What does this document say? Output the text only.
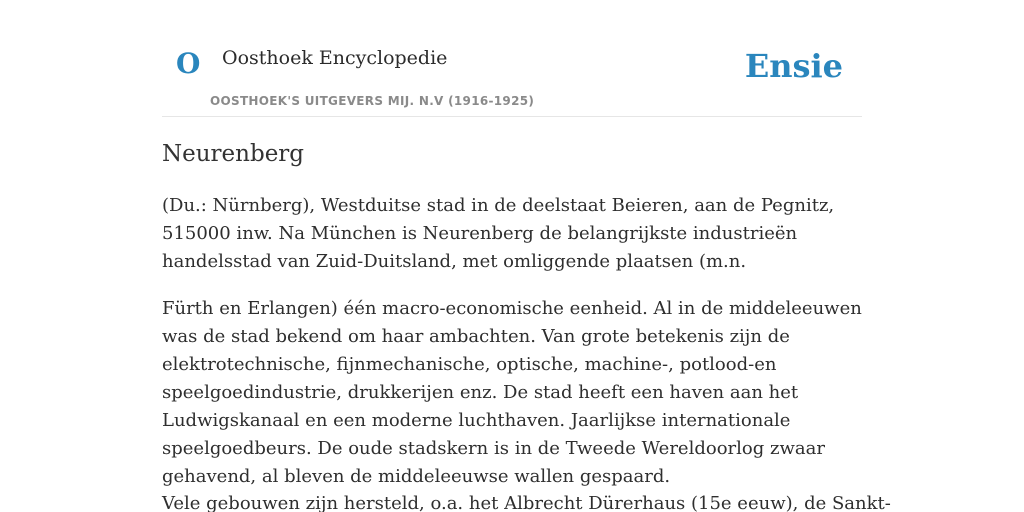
O Oosthoek Encyclopedie	Ensie
OOSTHOEK'S UITGEVERS MIJ. N.V (1916-1925)
Neurenberg

(Du.: Nürnberg), Westduitse stad in de deelstaat Beieren, aan de Pegnitz, 515000 inw. Na München is Neurenberg de belangrijkste industrieën handelsstad van Zuid-Duitsland, met omliggende plaatsen (m.n.

Fürth en Erlangen) één macro-economische eenheid. Al in de middeleeuwen was de stad bekend om haar ambachten. Van grote betekenis zijn de elektrotechnische, fijnmechanische, optische, machine-, potlood-en speelgoedindustrie, drukkerijen enz. De stad heeft een haven aan het Ludwigskanaal en een moderne luchthaven. Jaarlijkse internationale speelgoedbeurs. De oude stadskern is in de Tweede Wereldoorlog zwaar gehavend, al bleven de middeleeuwse wallen gespaard.

Vele gebouwen zijn hersteld, o.a. het Albrecht Dürerhaus (15e eeuw), de Sankt-
